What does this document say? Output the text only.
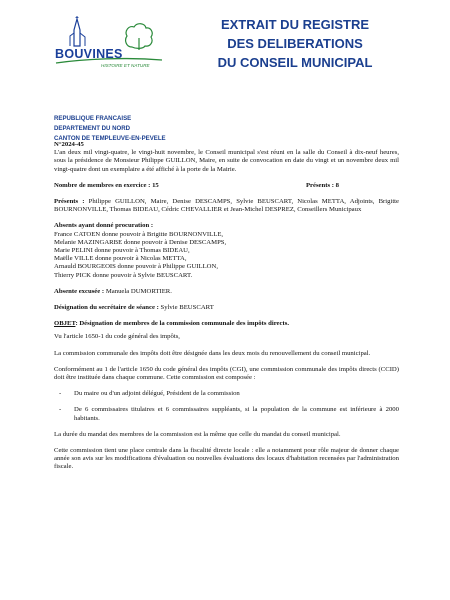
BOUVINES
HISTOIRE ET NATURE
EXTRAIT DU REGISTRE
DES DELIBERATIONS
DU CONSEIL MUNICIPAL
REPUBLIQUE FRANCAISE
DEPARTEMENT DU NORD
CANTON DE TEMPLEUVE-EN-PEVELE

N°2024-45

L'an deux mil vingt-quatre, le vingt-huit novembre, le Conseil municipal s'est réuni en la salle du Conseil à dix-neuf heures, sous la présidence de Monsieur Philippe GUILLON, Maire, en suite de convocation en date du vingt et un novembre deux mil vingt-quatre dont un exemplaire a été affiché à la porte de la Mairie.

Nombre de membres en exercice : 15	Présents : 8

Présents : Philippe GUILLON, Maire, Denise DESCAMPS, Sylvie BEUSCART, Nicolas METTA, Adjoints, Brigitte BOURNONVILLE, Thomas BIDEAU, Cédric CHEVALLIER et Jean-Michel DESPREZ, Conseillers Municipaux

Absents ayant donné procuration :

France CATOEN donne pouvoir à Brigitte BOURNONVILLE,
Melanie MAZINGARBE donne pouvoir à Denise DESCAMPS,
Marie PELINI donne pouvoir à Thomas BIDEAU,
Maëlle VILLE donne pouvoir à Nicolas METTA,
Arnauld BOURGEOIS donne pouvoir à Philippe GUILLON,
Thierry PICK donne pouvoir à Sylvie BEUSCART.

Absente excusée : Manuela DUMORTIER.

Désignation du secrétaire de séance : Sylvie BEUSCART

OBJET: Désignation de membres de la commission communale des impôts directs.

Vu l'article 1650-1 du code général des impôts,

La commission communale des impôts doit être désignée dans les deux mois du renouvellement du conseil municipal.

Conformément au 1 de l'article 1650 du code général des impôts (CGI), une commission communale des impôts directs (CCID) doit être instituée dans chaque commune. Cette commission est composée :

- Du maire ou d'un adjoint délégué, Président de la commission
- De 6 commissaires titulaires et 6 commissaires suppléants, si la population de la commune est inférieure à 2000 habitants.

La durée du mandat des membres de la commission est la même que celle du mandat du conseil municipal.

Cette commission tient une place centrale dans la fiscalité directe locale : elle a notamment pour rôle majeur de donner chaque année son avis sur les modifications d'évaluation ou nouvelles évaluations des locaux d'habitation recensées par l'administration fiscale.
